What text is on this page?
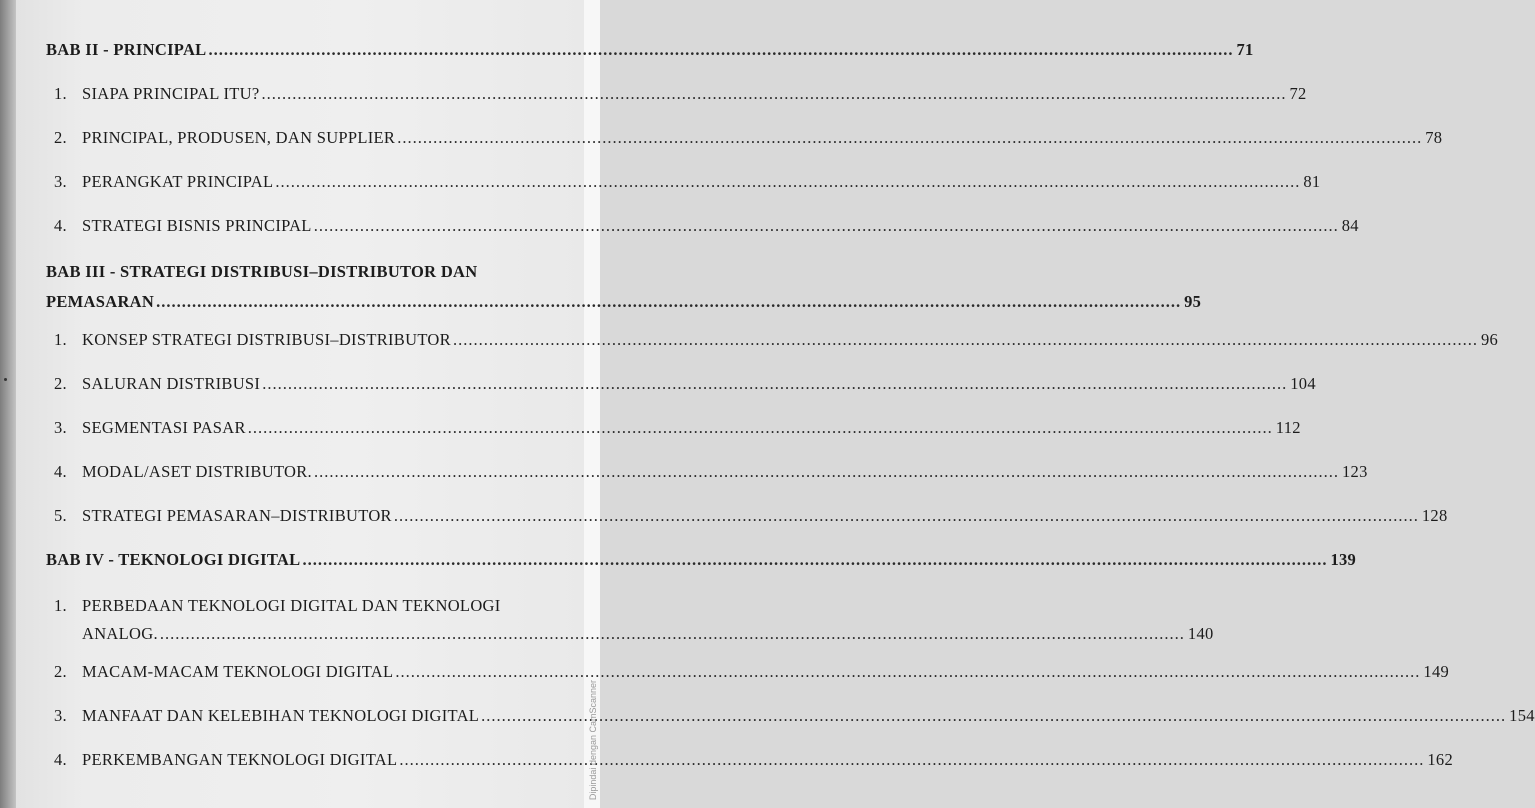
BAB II - PRINCIPAL ........................................................................................................................................................................................................ 71
1. SIAPA PRINCIPAL ITU? ........................................................................................................................................................................................................ 72
2. PRINCIPAL, PRODUSEN, DAN SUPPLIER ........................................................................................................................................................................................................ 78
3. PERANGKAT PRINCIPAL ........................................................................................................................................................................................................ 81
4. STRATEGI BISNIS PRINCIPAL ........................................................................................................................................................................................................ 84
BAB III - STRATEGI DISTRIBUSI–DISTRIBUTOR DAN
PEMASARAN ........................................................................................................................................................................................................ 95
1. KONSEP STRATEGI DISTRIBUSI–DISTRIBUTOR ........................................................................................................................................................................................................ 96
2. SALURAN DISTRIBUSI ........................................................................................................................................................................................................ 104
3. SEGMENTASI PASAR ........................................................................................................................................................................................................ 112
4. MODAL/ASET DISTRIBUTOR. ........................................................................................................................................................................................................ 123
5. STRATEGI PEMASARAN–DISTRIBUTOR ........................................................................................................................................................................................................ 128
BAB IV - TEKNOLOGI DIGITAL ........................................................................................................................................................................................................ 139
1. PERBEDAAN TEKNOLOGI DIGITAL DAN TEKNOLOGI
ANALOG. ........................................................................................................................................................................................................ 140
2. MACAM-MACAM TEKNOLOGI DIGITAL ........................................................................................................................................................................................................ 149
3. MANFAAT DAN KELEBIHAN TEKNOLOGI DIGITAL ........................................................................................................................................................................................................ 154
4. PERKEMBANGAN TEKNOLOGI DIGITAL ........................................................................................................................................................................................................ 162
Dipindai dengan CamScanner
